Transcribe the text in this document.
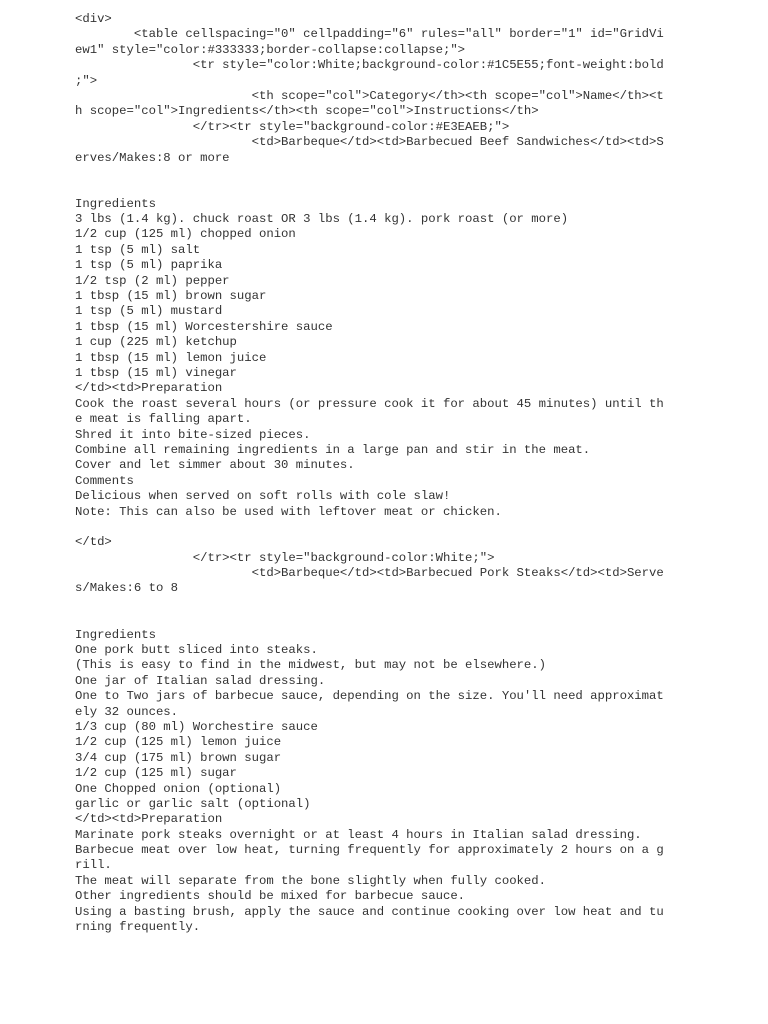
<div>
<table cellspacing="0" cellpadding="6" rules="all" border="1" id="GridVi
ew1" style="color:#333333;border-collapse:collapse;">
<tr style="color:White;background-color:#1C5E55;font-weight:bold
;">
<th scope="col">Category</th><th scope="col">Name</th><t
h scope="col">Ingredients</th><th scope="col">Instructions</th>
</tr><tr style="background-color:#E3EAEB;">
<td>Barbeque</td><td>Barbecued Beef Sandwiches</td><td>S
erves/Makes:8 or more
Ingredients
3 lbs (1.4 kg). chuck roast OR 3 lbs (1.4 kg). pork roast (or more)
1/2 cup (125 ml) chopped onion
1 tsp (5 ml) salt
1 tsp (5 ml) paprika
1/2 tsp (2 ml) pepper
1 tbsp (15 ml) brown sugar
1 tsp (5 ml) mustard
1 tbsp (15 ml) Worcestershire sauce
1 cup (225 ml) ketchup
1 tbsp (15 ml) lemon juice
1 tbsp (15 ml) vinegar
</td><td>Preparation
Cook the roast several hours (or pressure cook it for about 45 minutes) until th
e meat is falling apart.
Shred it into bite-sized pieces.
Combine all remaining ingredients in a large pan and stir in the meat.
Cover and let simmer about 30 minutes.
Comments
Delicious when served on soft rolls with cole slaw!
Note: This can also be used with leftover meat or chicken.
</td>
</tr><tr style="background-color:White;">
<td>Barbeque</td><td>Barbecued Pork Steaks</td><td>Serve
s/Makes:6 to 8
Ingredients
One pork butt sliced into steaks.
(This is easy to find in the midwest, but may not be elsewhere.)
One jar of Italian salad dressing.
One to Two jars of barbecue sauce, depending on the size. You'll need approximat
ely 32 ounces.
1/3 cup (80 ml) Worchestire sauce
1/2 cup (125 ml) lemon juice
3/4 cup (175 ml) brown sugar
1/2 cup (125 ml) sugar
One Chopped onion (optional)
garlic or garlic salt (optional)
</td><td>Preparation
Marinate pork steaks overnight or at least 4 hours in Italian salad dressing.
Barbecue meat over low heat, turning frequently for approximately 2 hours on a g
rill.
The meat will separate from the bone slightly when fully cooked.
Other ingredients should be mixed for barbecue sauce.
Using a basting brush, apply the sauce and continue cooking over low heat and tu
rning frequently.
